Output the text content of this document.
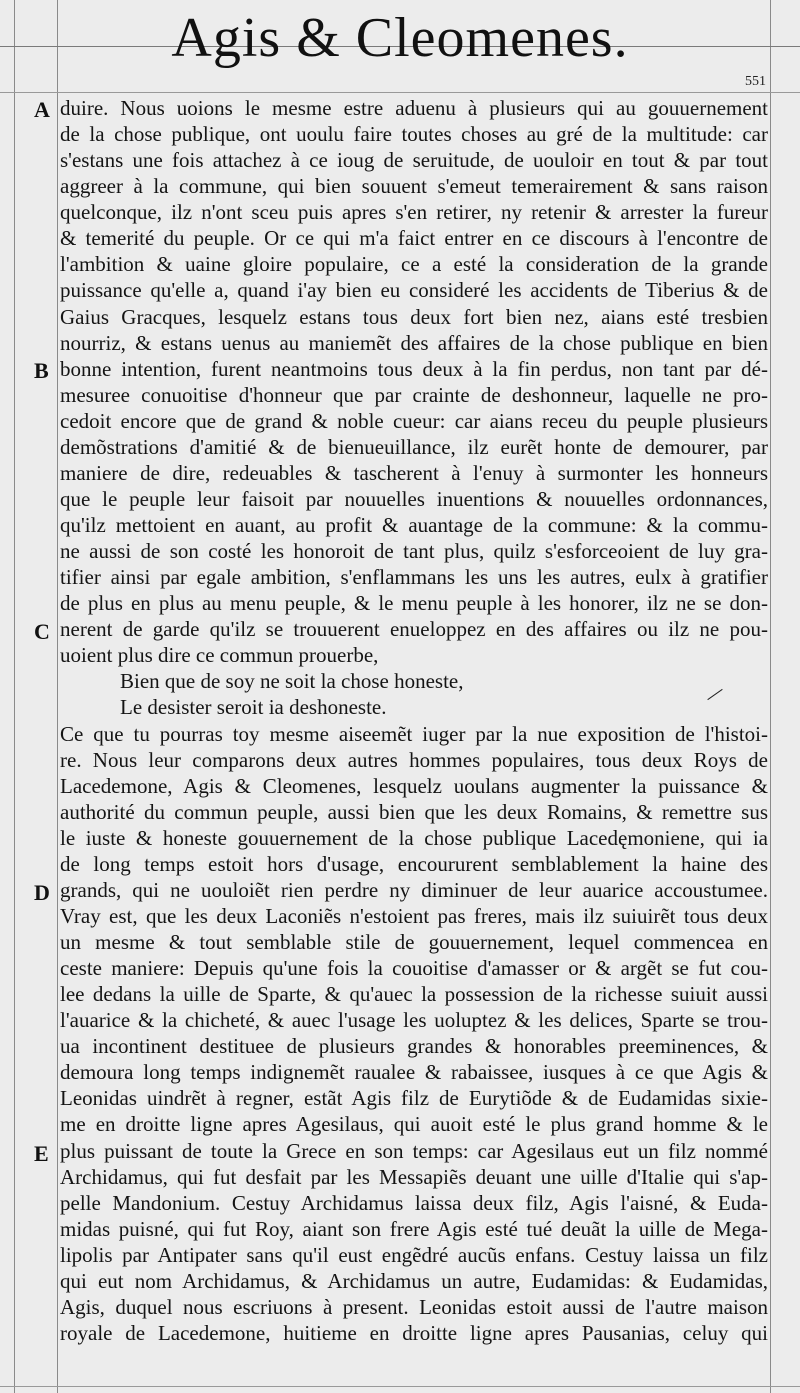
Agis & Cleomenes.
551
A
B
C
D
E
duire. Nous uoions le mesme estre aduenu à plusieurs qui au gouuernement
de la chose publique, ont uoulu faire toutes choses au gré de la multitude: car
s'estans une fois attachez à ce ioug de seruitude, de uouloir en tout & par tout
aggreer à la commune, qui bien souuent s'emeut temerairement & sans raison
quelconque, ilz n'ont sceu puis apres s'en retirer, ny retenir & arrester la fureur
& temerité du peuple. Or ce qui m'a faict entrer en ce discours à l'encontre de
l'ambition & uaine gloire populaire, ce a esté la consideration de la grande
puissance qu'elle a, quand i'ay bien eu consideré les accidents de Tiberius & de
Gaius Gracques, lesquelz estans tous deux fort bien nez, aians esté tresbien
nourriz, & estans uenus au maniemẽt des affaires de la chose publique en bien
bonne intention, furent neantmoins tous deux à la fin perdus, non tant par dé-
mesuree conuoitise d'honneur que par crainte de deshonneur, laquelle ne pro-
cedoit encore que de grand & noble cueur: car aians receu du peuple plusieurs
demõstrations d'amitié & de bienueuillance, ilz eurẽt honte de demourer, par
maniere de dire, redeuables & tascherent à l'enuy à surmonter les honneurs
que le peuple leur faisoit par nouuelles inuentions & nouuelles ordonnances,
qu'ilz mettoient en auant, au profit & auantage de la commune: & la commu-
ne aussi de son costé les honoroit de tant plus, quilz s'esforceoient de luy gra-
tifier ainsi par egale ambition, s'enflammans les uns les autres, eulx à gratifier
de plus en plus au menu peuple, & le menu peuple à les honorer, ilz ne se don-
nerent de garde qu'ilz se trouuerent enueloppez en des affaires ou ilz ne pou-
uoient plus dire ce commun prouerbe,
Bien que de soy ne soit la chose honeste,
Le desister seroit ia deshoneste.
Ce que tu pourras toy mesme aiseemẽt iuger par la nue exposition de l'histoi-
re. Nous leur comparons deux autres hommes populaires, tous deux Roys de
Lacedemone, Agis & Cleomenes, lesquelz uoulans augmenter la puissance &
authorité du commun peuple, aussi bien que les deux Romains, & remettre sus
le iuste & honeste gouuernement de la chose publique Lacedęmoniene, qui ia
de long temps estoit hors d'usage, encoururent semblablement la haine des
grands, qui ne uouloiẽt rien perdre ny diminuer de leur auarice accoustumee.
Vray est, que les deux Laconiẽs n'estoient pas freres, mais ilz suiuirẽt tous deux
un mesme & tout semblable stile de gouuernement, lequel commencea en
ceste maniere: Depuis qu'une fois la couoitise d'amasser or & argẽt se fut cou-
lee dedans la uille de Sparte, & qu'auec la possession de la richesse suiuit aussi
l'auarice & la chicheté, & auec l'usage les uoluptez & les delices, Sparte se trou-
ua incontinent destituee de plusieurs grandes & honorables preeminences, &
demoura long temps indignemẽt raualee & rabaissee, iusques à ce que Agis &
Leonidas uindrẽt à regner, estãt Agis filz de Eurytiõde & de Eudamidas sixie-
me en droitte ligne apres Agesilaus, qui auoit esté le plus grand homme & le
plus puissant de toute la Grece en son temps: car Agesilaus eut un filz nommé
Archidamus, qui fut desfait par les Messapiẽs deuant une uille d'Italie qui s'ap-
pelle Mandonium. Cestuy Archidamus laissa deux filz, Agis l'aisné, & Euda-
midas puisné, qui fut Roy, aiant son frere Agis esté tué deuãt la uille de Mega-
lipolis par Antipater sans qu'il eust engẽdré aucũs enfans. Cestuy laissa un filz
qui eut nom Archidamus, & Archidamus un autre, Eudamidas: & Eudamidas,
Agis, duquel nous escriuons à present. Leonidas estoit aussi de l'autre maison
royale de Lacedemone, huitieme en droitte ligne apres Pausanias, celuy qui
